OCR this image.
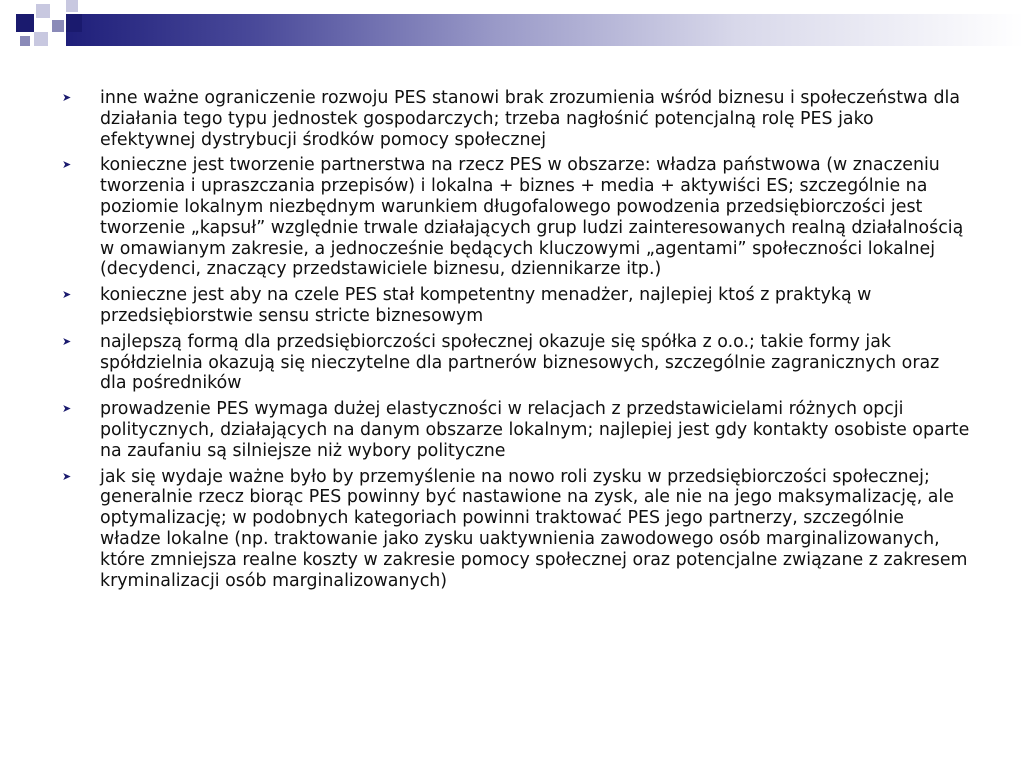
➤ inne ważne ograniczenie rozwoju PES stanowi brak zrozumienia wśród biznesu i społeczeństwa dla działania tego typu jednostek gospodarczych; trzeba nagłośnić potencjalną rolę PES jako efektywnej dystrybucji środków pomocy społecznej
➤ konieczne jest tworzenie partnerstwa na rzecz PES w obszarze: władza państwowa (w znaczeniu tworzenia i upraszczania przepisów) i lokalna + biznes + media + aktywiści ES; szczególnie na poziomie lokalnym niezbędnym warunkiem długofalowego powodzenia przedsiębiorczości jest tworzenie „kapsuł” względnie trwale działających grup ludzi zainteresowanych realną działalnością w omawianym zakresie, a jednocześnie będących kluczowymi „agentami” społeczności lokalnej (decydenci, znaczący przedstawiciele biznesu, dziennikarze itp.)
➤ konieczne jest aby na czele PES stał kompetentny menadżer, najlepiej ktoś z praktyką w przedsiębiorstwie sensu stricte biznesowym
➤ najlepszą formą dla przedsiębiorczości społecznej okazuje się spółka z o.o.; takie formy jak spółdzielnia okazują się nieczytelne dla partnerów biznesowych, szczególnie zagranicznych oraz dla pośredników
➤ prowadzenie PES wymaga dużej elastyczności w relacjach z przedstawicielami różnych opcji politycznych, działających na danym obszarze lokalnym; najlepiej jest gdy kontakty osobiste oparte na zaufaniu są silniejsze niż wybory polityczne
➤ jak się wydaje ważne było by przemyślenie na nowo roli zysku w przedsiębiorczości społecznej; generalnie rzecz biorąc PES powinny być nastawione na zysk, ale nie na jego maksymalizację, ale optymalizację; w podobnych kategoriach powinni traktować PES jego partnerzy, szczególnie władze lokalne (np. traktowanie jako zysku uaktywnienia zawodowego osób marginalizowanych, które zmniejsza realne koszty w zakresie pomocy społecznej oraz potencjalne związane z zakresem kryminalizacji osób marginalizowanych)
